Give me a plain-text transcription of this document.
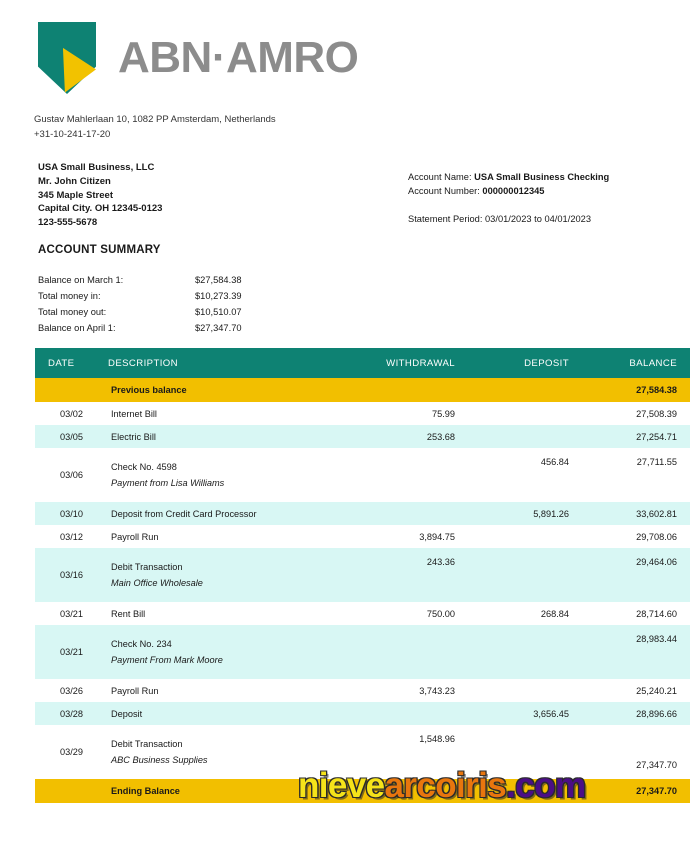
ABN·AMRO
Gustav Mahlerlaan 10, 1082 PP Amsterdam, Netherlands
+31-10-241-17-20
USA Small Business, LLC
Mr. John Citizen
345 Maple Street
Capital City. OH 12345-0123
123-555-5678
Account Name: USA Small Business Checking
Account Number: 000000012345
Statement Period: 03/01/2023 to 04/01/2023
ACCOUNT SUMMARY
Balance on March 1:	$27,584.38
Total money in:	$10,273.39
Total money out:	$10,510.07
Balance on April 1:	$27,347.70
DATE	DESCRIPTION	WITHDRAWAL	DEPOSIT	BALANCE
	Previous balance			27,584.38
03/02	Internet Bill	75.99		27,508.39
03/05	Electric Bill	253.68		27,254.71
03/06	Check No. 4598
Payment from Lisa Williams		456.84	27,711.55
03/10	Deposit from Credit Card Processor		5,891.26	33,602.81
03/12	Payroll Run	3,894.75		29,708.06
03/16	Debit Transaction
Main Office Wholesale	243.36		29,464.06
03/21	Rent Bill	750.00	268.84	28,714.60
03/21	Check No. 234
Payment From Mark Moore			28,983.44
03/26	Payroll Run	3,743.23		25,240.21
03/28	Deposit		3,656.45	28,896.66
03/29	Debit Transaction
ABC Business Supplies	1,548.96		27,347.70
	Ending Balance			27,347.70
nievearcoiris.com
